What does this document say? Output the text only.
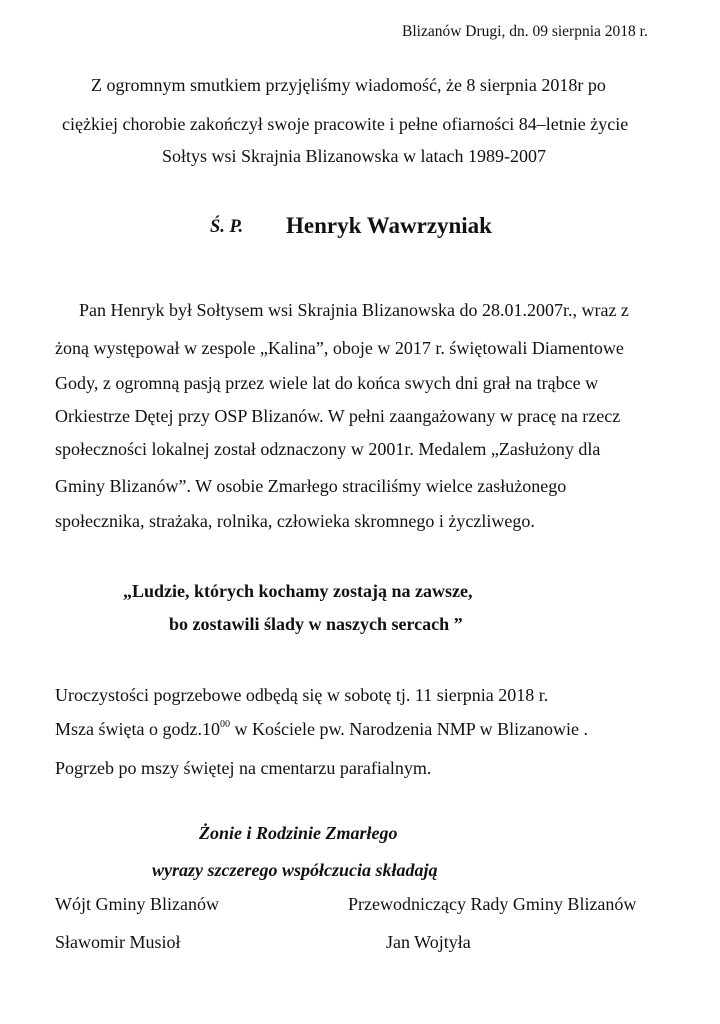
Blizanów Drugi, dn. 09 sierpnia 2018 r.
Z ogromnym smutkiem przyjęliśmy wiadomość, że 8 sierpnia 2018r po
ciężkiej chorobie zakończył swoje pracowite i pełne ofiarności 84–letnie życie
Sołtys wsi Skrajnia Blizanowska w latach 1989-2007
Ś. P. Henryk Wawrzyniak
Pan Henryk był Sołtysem wsi Skrajnia Blizanowska do 28.01.2007r., wraz z
żoną występował w zespole „Kalina”, oboje w 2017 r. świętowali Diamentowe
Gody, z ogromną pasją przez wiele lat do końca swych dni grał na trąbce w
Orkiestrze Dętej przy OSP Blizanów. W pełni zaangażowany w pracę na rzecz
społeczności lokalnej został odznaczony w 2001r. Medalem „Zasłużony dla
Gminy Blizanów”. W osobie Zmarłego straciliśmy wielce zasłużonego
społecznika, strażaka, rolnika, człowieka skromnego i życzliwego.
„Ludzie, których kochamy zostają na zawsze,
bo zostawili ślady w naszych sercach ”
Uroczystości pogrzebowe odbędą się w sobotę tj. 11 sierpnia 2018 r.
Msza święta o $godz.10^{00}$ w Kościele pw. Narodzenia NMP w Blizanowie .
Pogrzeb po mszy świętej na cmentarzu parafialnym.
Żonie i Rodzinie Zmarłego
wyrazy szczerego współczucia składają
Wójt Gminy Blizanów	Przewodniczący Rady Gminy Blizanów
Sławomir Musioł	Jan Wojtyła
